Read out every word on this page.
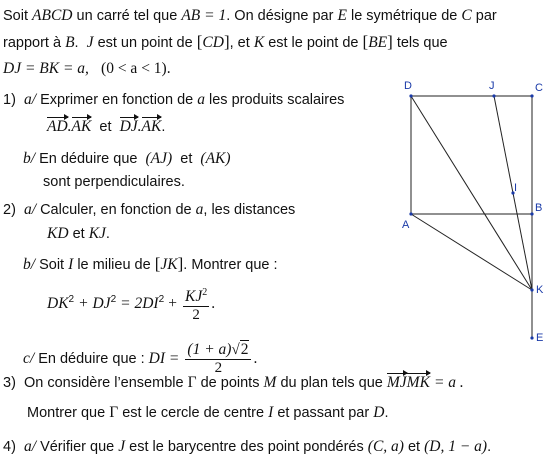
Soit ABCD un carré tel que AB = 1. On désigne par E le symétrique de C par
rapport à B.  J est un point de [CD], et K est le point de [BE] tels que
DJ = BK = a, (0 < a < 1).
1) a/ Exprimer en fonction de a les produits scalaires
AD.AK et DJ.AK.
b/ En déduire que (AJ) et (AK)
sont perpendiculaires.
2) a/ Calculer, en fonction de a, les distances
KD et KJ.
b/ Soit I le milieu de [JK]. Montrer que :
$DK^2 + DJ^2 = 2DI^2 + \frac{KJ^2}{2}$ .
c/ En déduire que : DI = $\frac{(1 + a)√2}{2}$ .
3) On considère l’ensemble Γ de points M du plan tels que MJMK = a .
Montrer que Γ est le cercle de centre I et passant par D.
4) a/ Vérifier que J est le barycentre des point pondérés (C, a) et (D, 1 − a).
D	J	C
I
A
B
K
E
